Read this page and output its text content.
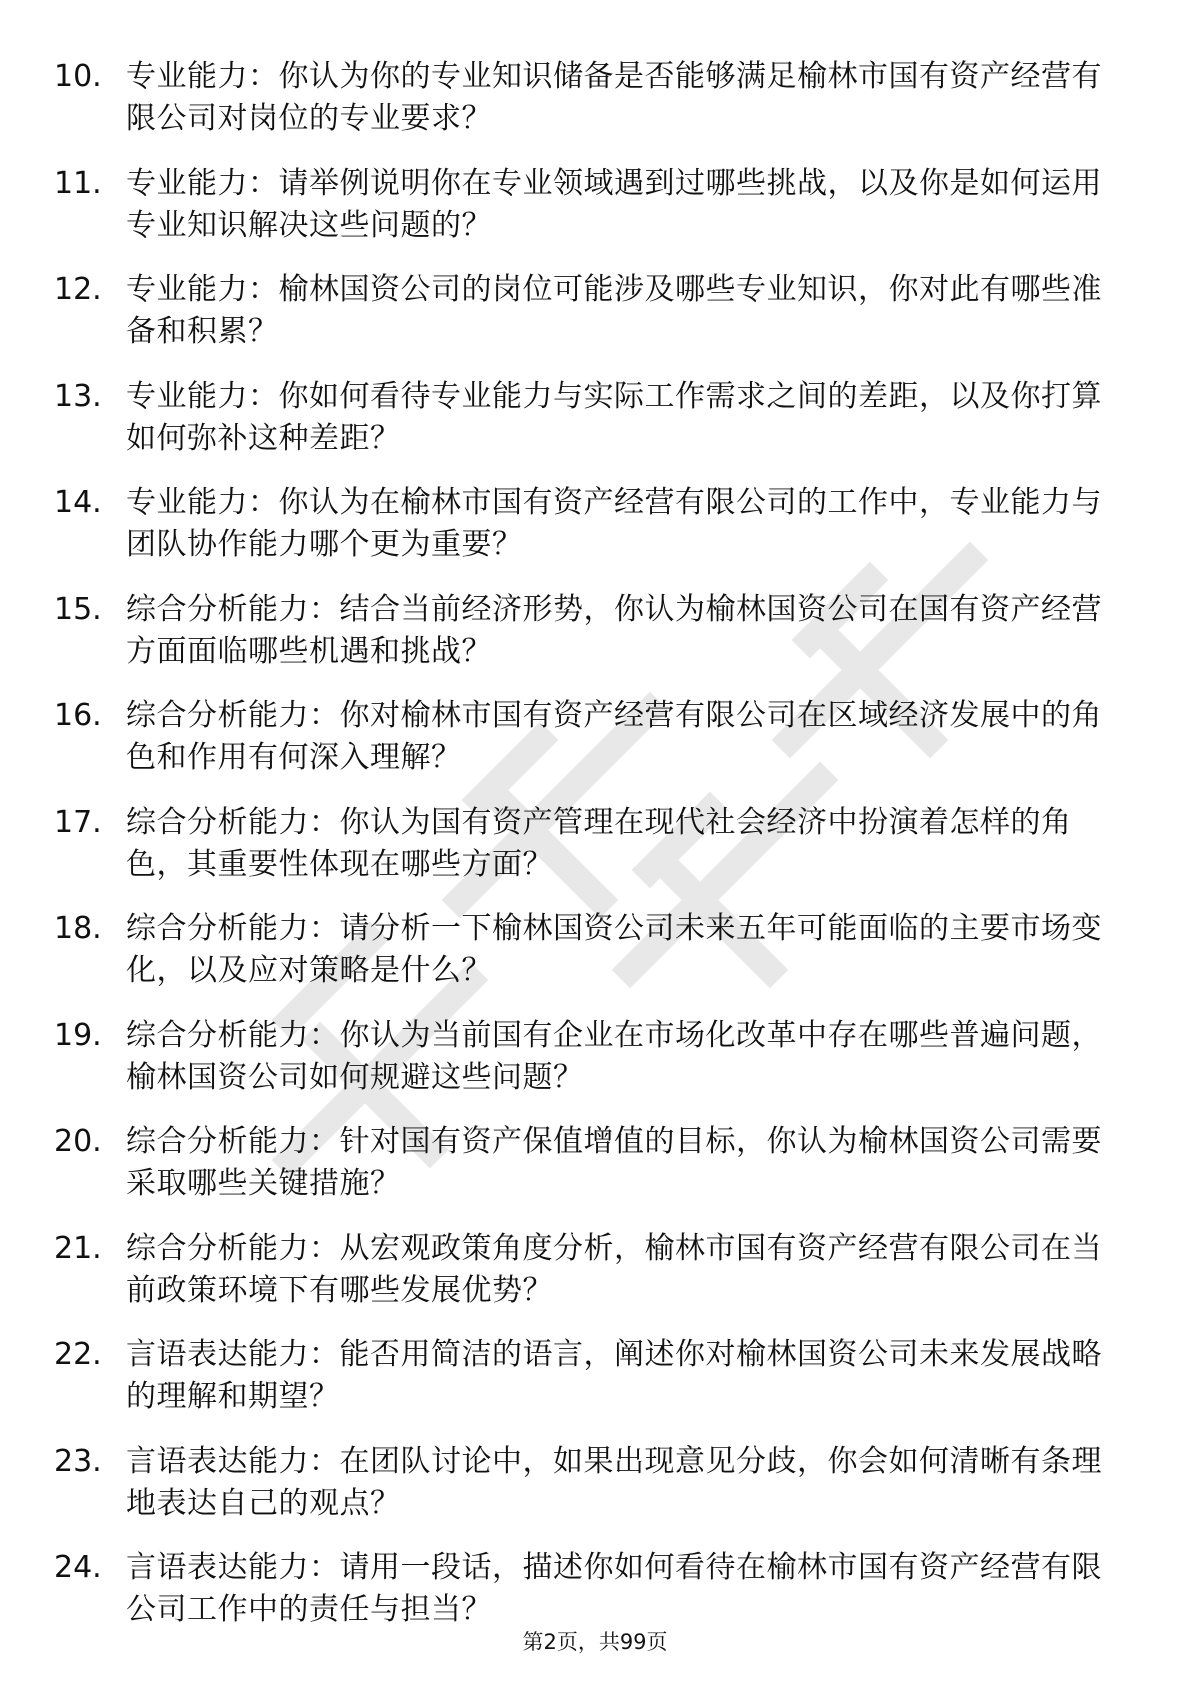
10. 专业能力：你认为你的专业知识储备是否能够满足榆林市国有资产经营有限公司对岗位的专业要求？
11. 专业能力：请举例说明你在专业领域遇到过哪些挑战，以及你是如何运用专业知识解决这些问题的？
12. 专业能力：榆林国资公司的岗位可能涉及哪些专业知识，你对此有哪些准备和积累？
13. 专业能力：你如何看待专业能力与实际工作需求之间的差距，以及你打算如何弥补这种差距？
14. 专业能力：你认为在榆林市国有资产经营有限公司的工作中，专业能力与团队协作能力哪个更为重要？
15. 综合分析能力：结合当前经济形势，你认为榆林国资公司在国有资产经营方面面临哪些机遇和挑战？
16. 综合分析能力：你对榆林市国有资产经营有限公司在区域经济发展中的角色和作用有何深入理解？
17. 综合分析能力：你认为国有资产管理在现代社会经济中扮演着怎样的角色，其重要性体现在哪些方面？
18. 综合分析能力：请分析一下榆林国资公司未来五年可能面临的主要市场变化，以及应对策略是什么？
19. 综合分析能力：你认为当前国有企业在市场化改革中存在哪些普遍问题，榆林国资公司如何规避这些问题？
20. 综合分析能力：针对国有资产保值增值的目标，你认为榆林国资公司需要采取哪些关键措施？
21. 综合分析能力：从宏观政策角度分析，榆林市国有资产经营有限公司在当前政策环境下有哪些发展优势？
22. 言语表达能力：能否用简洁的语言，阐述你对榆林国资公司未来发展战略的理解和期望？
23. 言语表达能力：在团队讨论中，如果出现意见分歧，你会如何清晰有条理地表达自己的观点？
24. 言语表达能力：请用一段话，描述你如何看待在榆林市国有资产经营有限公司工作中的责任与担当？
第2页，共99页
